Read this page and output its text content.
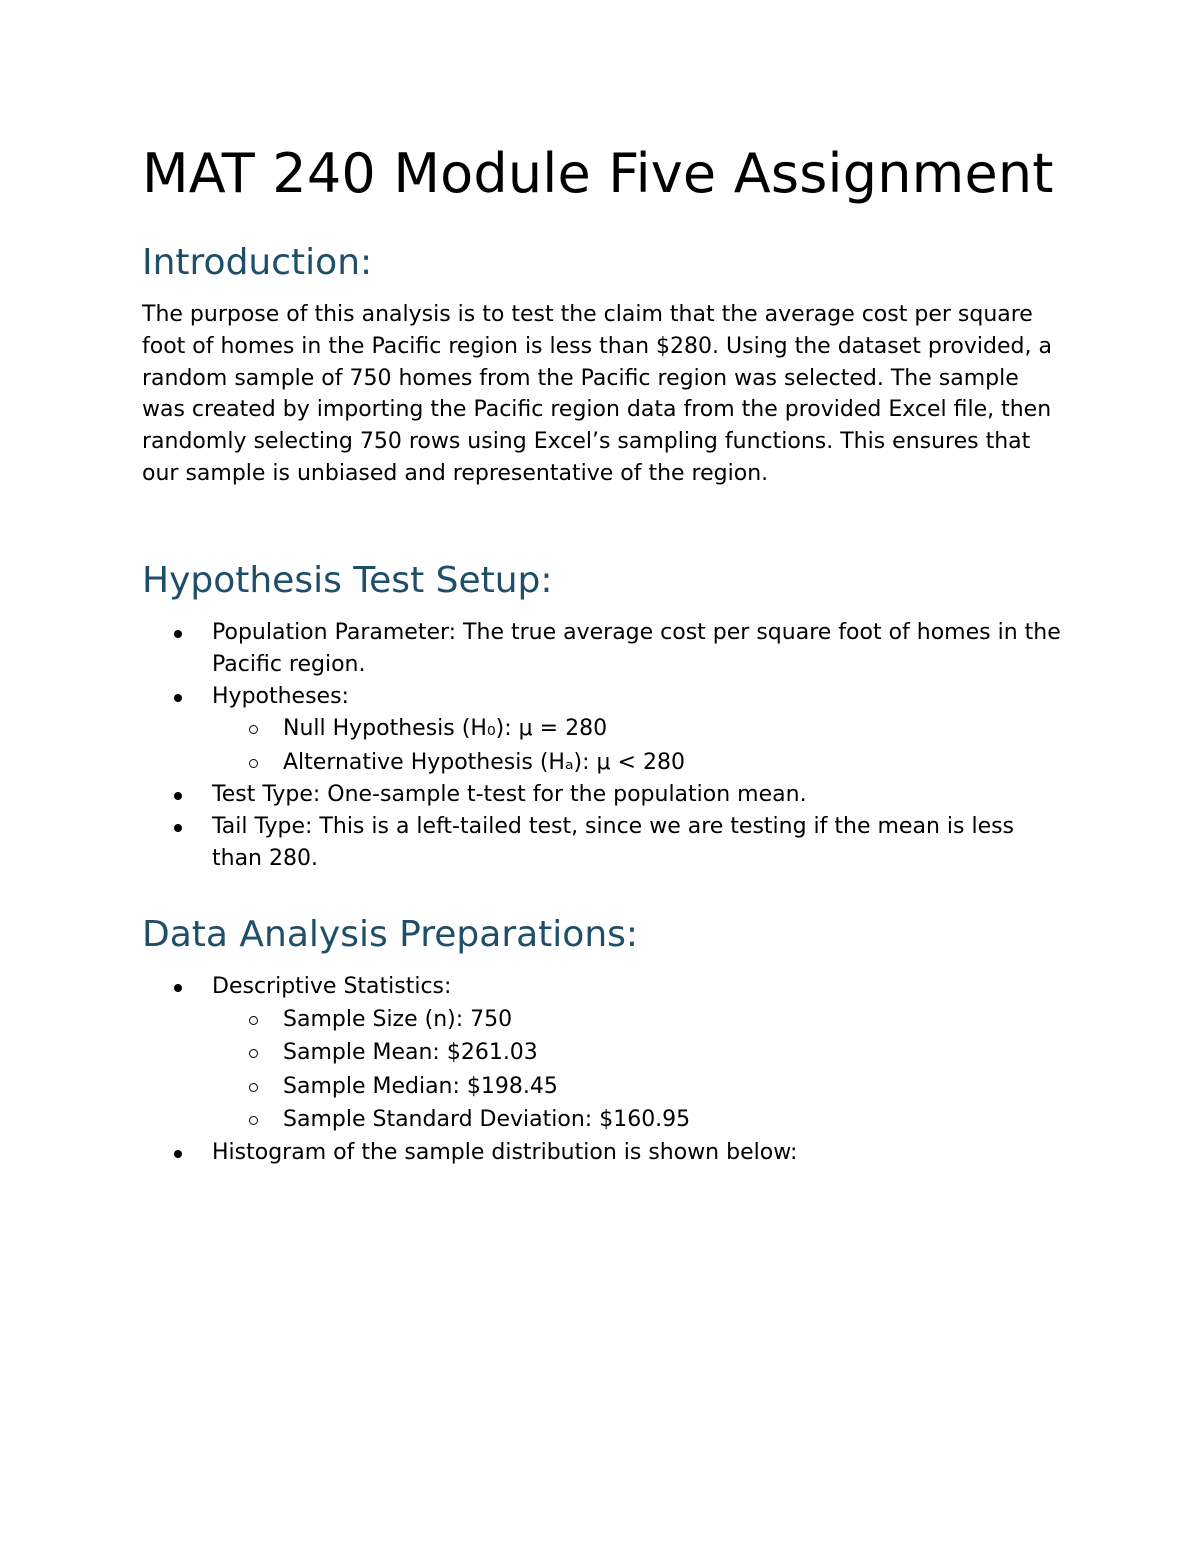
MAT 240 Module Five Assignment
Introduction:

The purpose of this analysis is to test the claim that the average cost per square foot of homes in the Pacific region is less than $280. Using the dataset provided, a random sample of 750 homes from the Pacific region was selected. The sample was created by importing the Pacific region data from the provided Excel file, then randomly selecting 750 rows using Excel’s sampling functions. This ensures that our sample is unbiased and representative of the region.

Hypothesis Test Setup:
Population Parameter: The true average cost per square foot of homes in the Pacific region.
Hypotheses:
Null Hypothesis (H₀): μ = 280
Alternative Hypothesis (Hₐ): μ < 280
Test Type: One-sample t-test for the population mean.
Tail Type: This is a left-tailed test, since we are testing if the mean is less than 280.
Data Analysis Preparations:
Descriptive Statistics:
Sample Size (n): 750
Sample Mean: $261.03
Sample Median: $198.45
Sample Standard Deviation: $160.95
Histogram of the sample distribution is shown below:
